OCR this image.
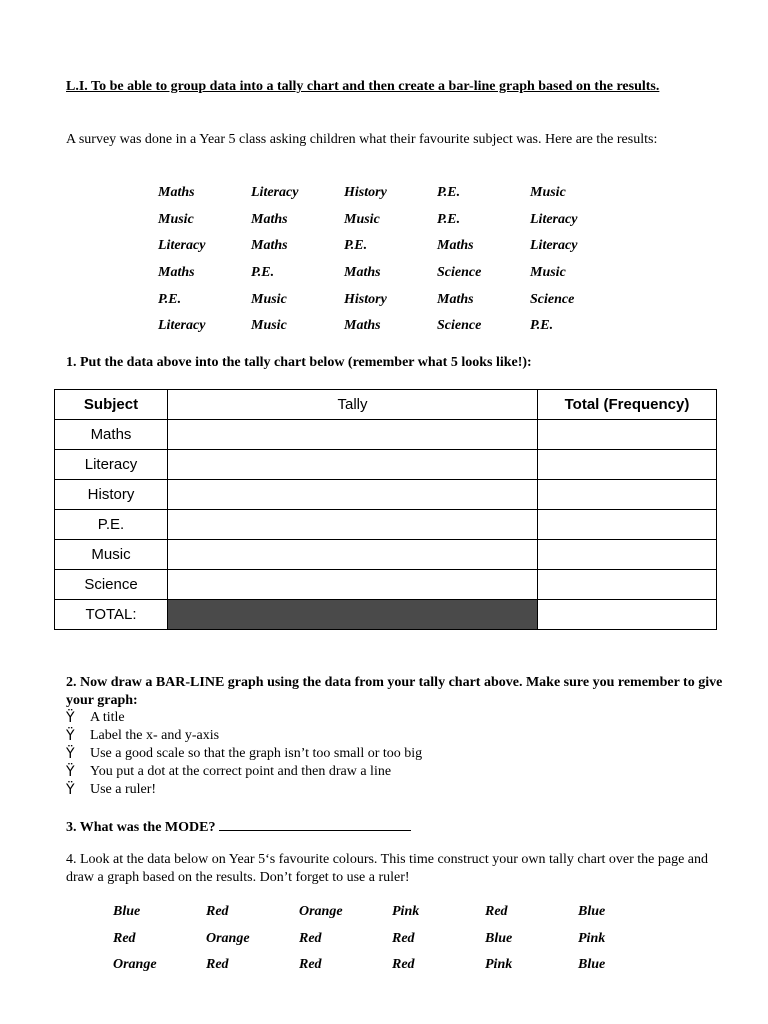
L.I. To be able to group data into a tally chart and then create a bar-line graph based on the results.
A survey was done in a Year 5 class asking children what their favourite subject was. Here are the results:
Maths	Literacy	History	P.E.	Music
Music	Maths	Music	P.E.	Literacy
Literacy	Maths	P.E.	Maths	Literacy
Maths	P.E.	Maths	Science	Music
P.E.	Music	History	Maths	Science
Literacy	Music	Maths	Science	P.E.
1. Put the data above into the tally chart below (remember what 5 looks like!):
Subject	Tally	Total (Frequency)
Maths		
Literacy		
History		
P.E.		
Music		
Science		
TOTAL:		
2. Now draw a BAR-LINE graph using the data from your tally chart above. Make sure you remember to give your graph:
Ÿ	A title
Ÿ	Label the x- and y-axis
Ÿ	Use a good scale so that the graph isn’t too small or too big
Ÿ	You put a dot at the correct point and then draw a line
Ÿ	Use a ruler!
3. What was the MODE?
4. Look at the data below on Year 5‘s favourite colours. This time construct your own tally chart over the page and draw a graph based on the results. Don’t forget to use a ruler!
Blue	Red	Orange	Pink	Red	Blue
Red	Orange	Red	Red	Blue	Pink
Orange	Red	Red	Red	Pink	Blue
